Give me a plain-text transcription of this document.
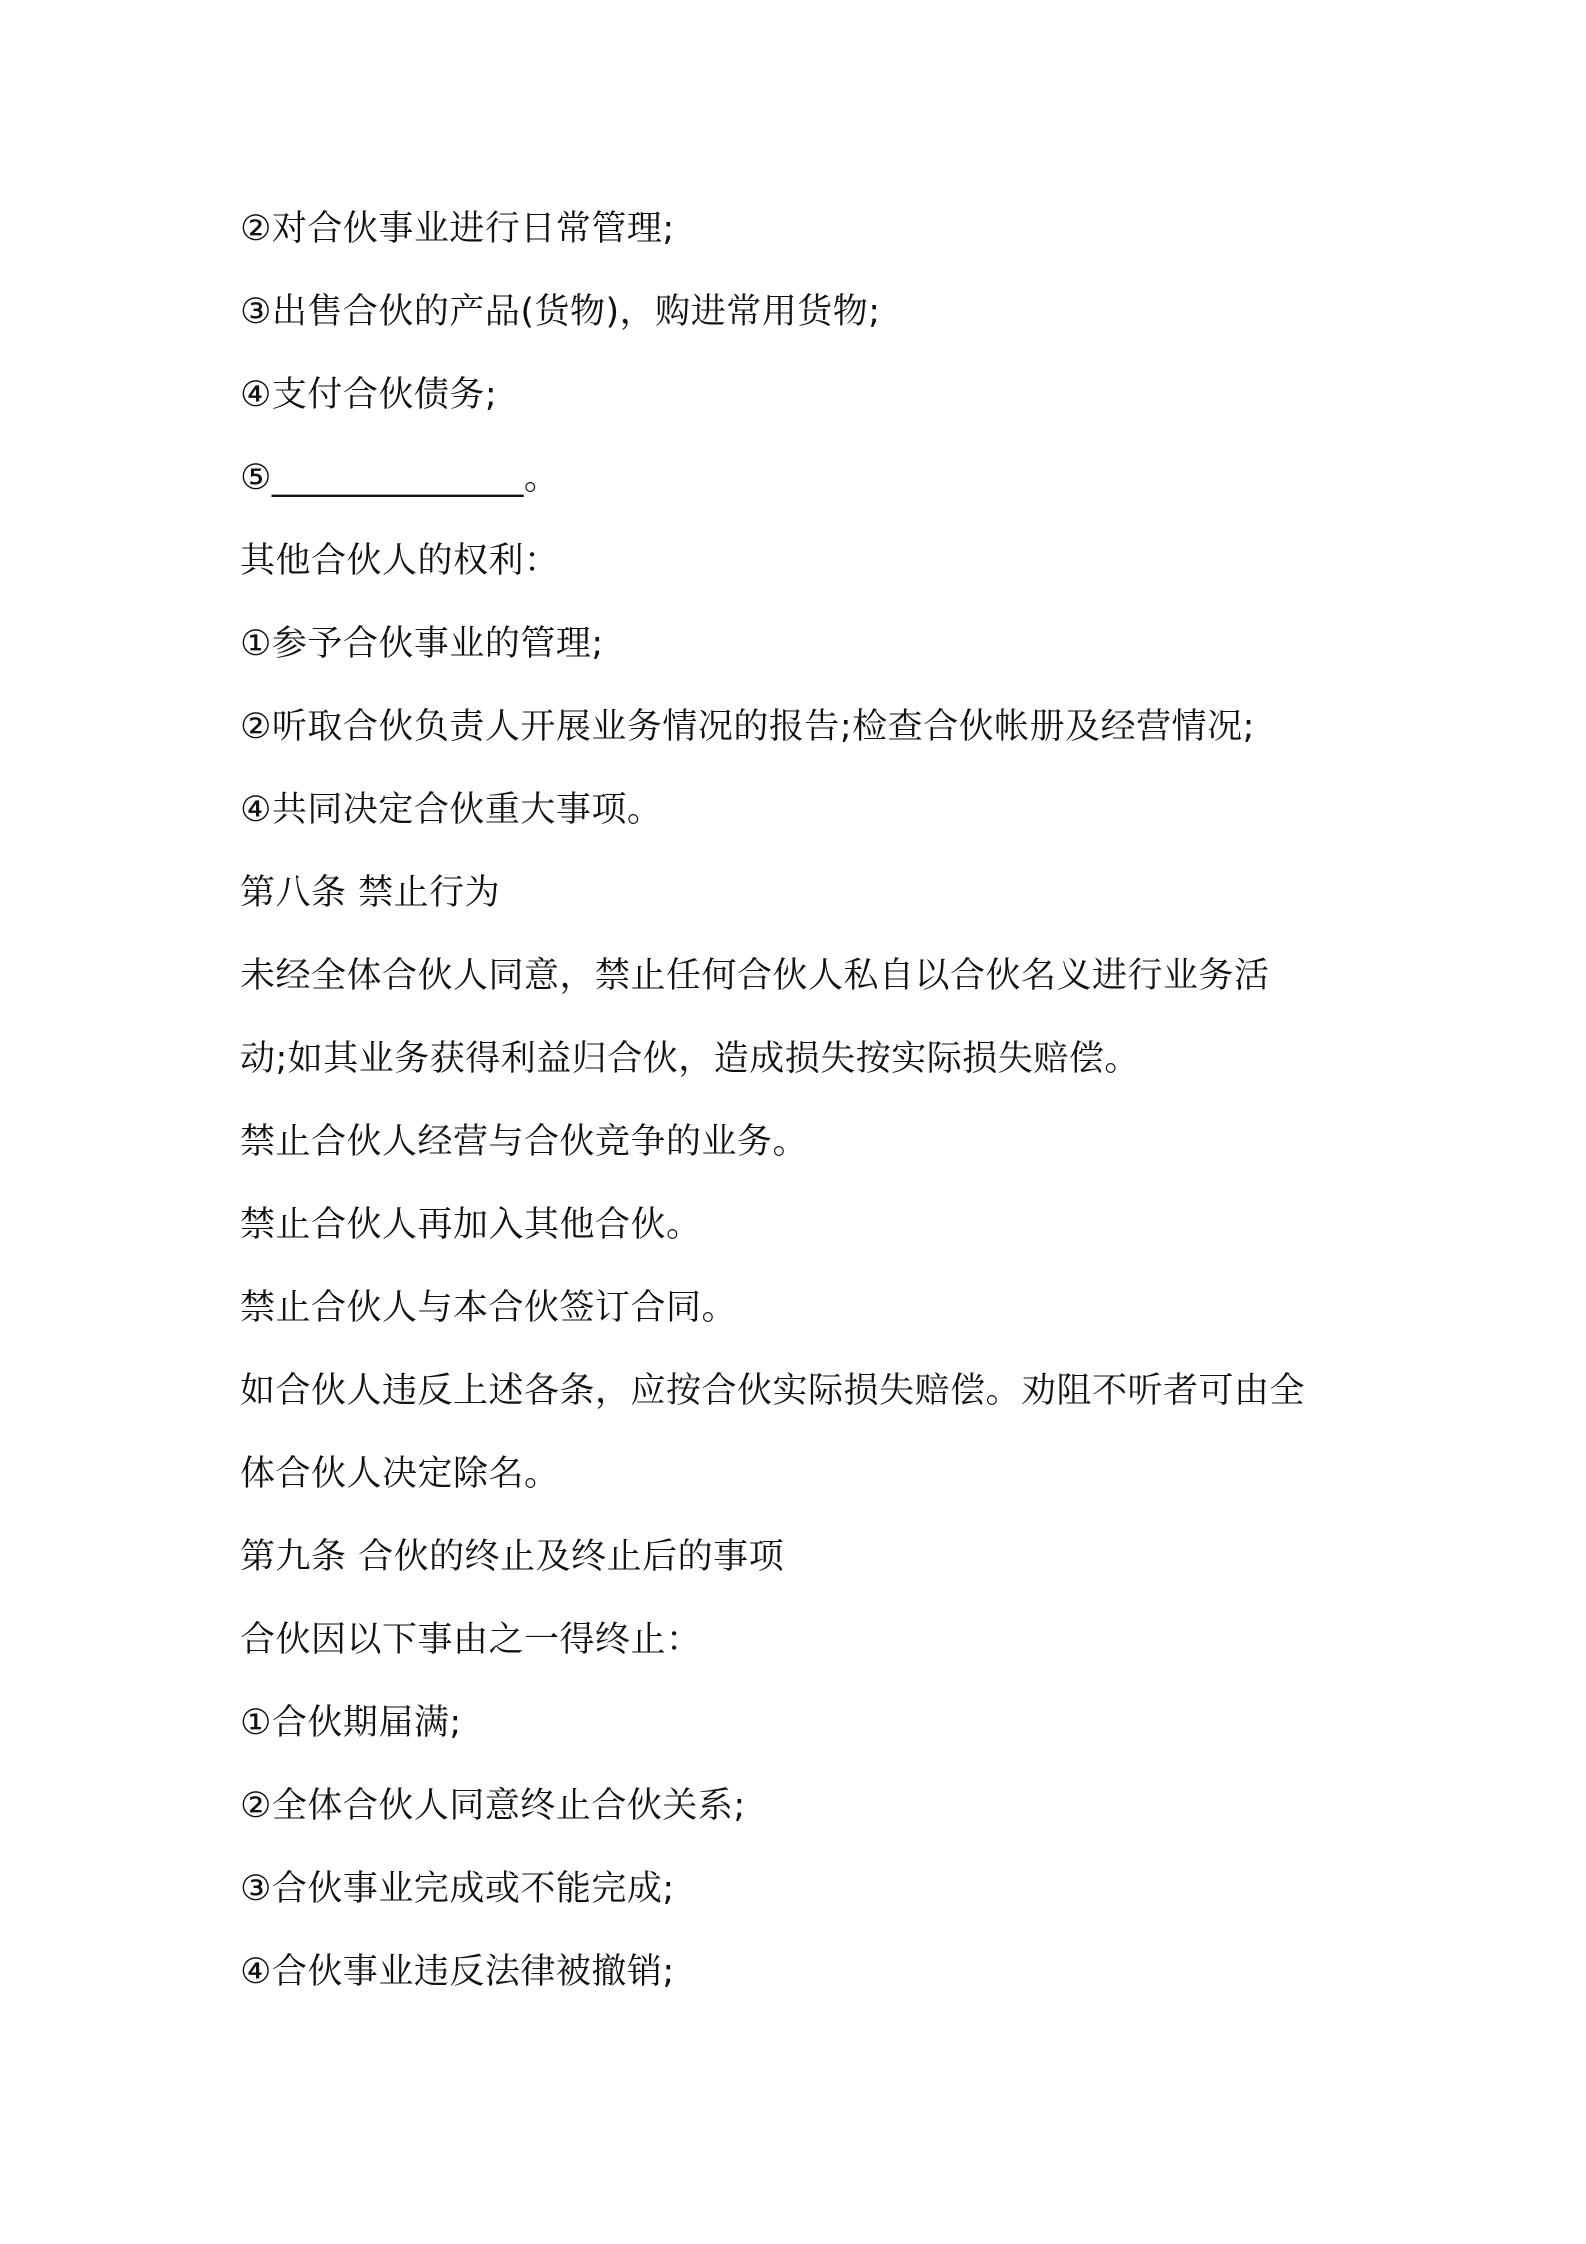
②对合伙事业进行日常管理;
③出售合伙的产品(货物)，购进常用货物;
④支付合伙债务;
⑤______________。
其他合伙人的权利：
①参予合伙事业的管理;
②听取合伙负责人开展业务情况的报告;检查合伙帐册及经营情况;
④共同决定合伙重大事项。
第八条 禁止行为
未经全体合伙人同意，禁止任何合伙人私自以合伙名义进行业务活
动;如其业务获得利益归合伙，造成损失按实际损失赔偿。
禁止合伙人经营与合伙竞争的业务。
禁止合伙人再加入其他合伙。
禁止合伙人与本合伙签订合同。
如合伙人违反上述各条，应按合伙实际损失赔偿。劝阻不听者可由全
体合伙人决定除名。
第九条 合伙的终止及终止后的事项
合伙因以下事由之一得终止：
①合伙期届满;
②全体合伙人同意终止合伙关系;
③合伙事业完成或不能完成;
④合伙事业违反法律被撤销;
